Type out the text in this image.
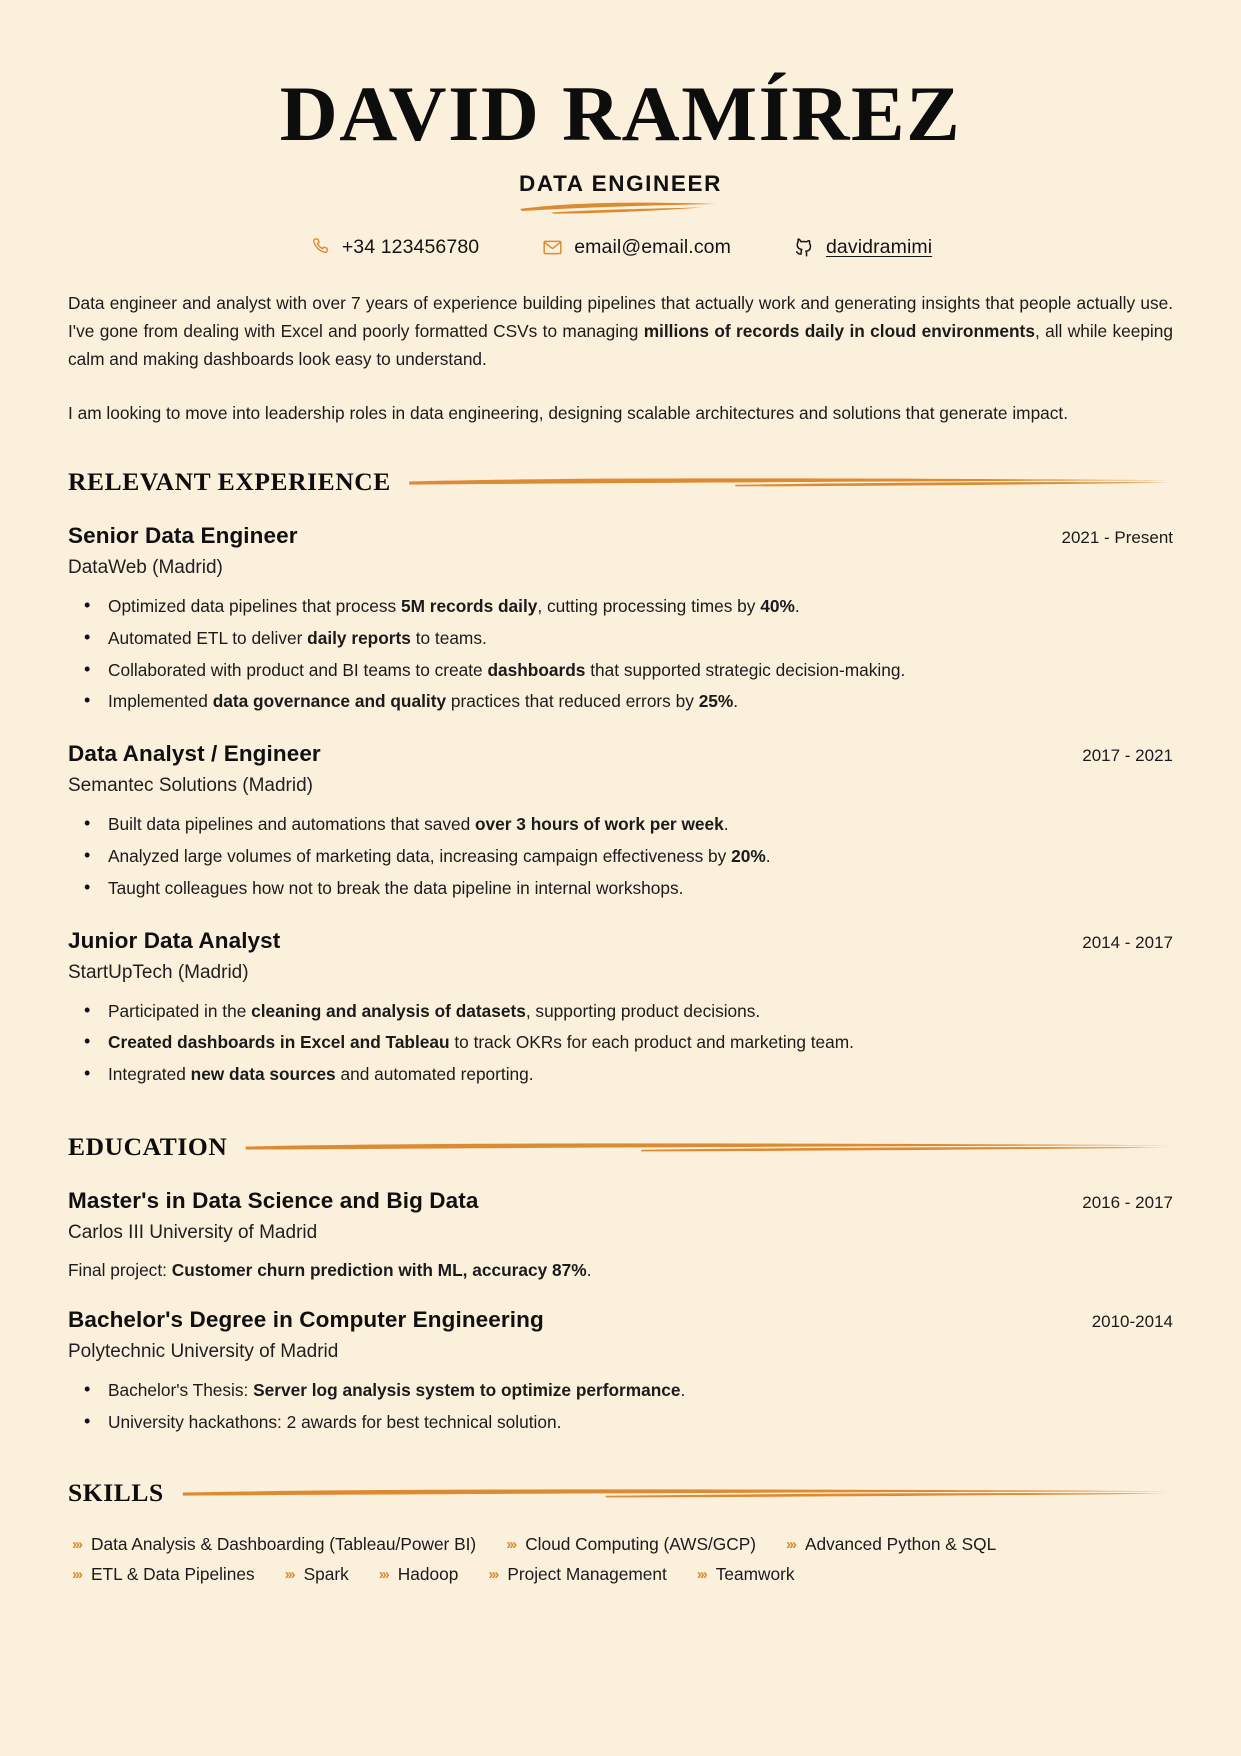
DAVID RAMÍREZ
DATA ENGINEER
+34 123456780	email@email.com	davidramimi

Data engineer and analyst with over 7 years of experience building pipelines that actually work and generating insights that people actually use. I've gone from dealing with Excel and poorly formatted CSVs to managing millions of records daily in cloud environments, all while keeping calm and making dashboards look easy to understand.

I am looking to move into leadership roles in data engineering, designing scalable architectures and solutions that generate impact.

RELEVANT EXPERIENCE
Senior Data Engineer	2021 - Present
DataWeb (Madrid)
• Optimized data pipelines that process 5M records daily, cutting processing times by 40%.
• Automated ETL to deliver daily reports to teams.
• Collaborated with product and BI teams to create dashboards that supported strategic decision-making.
• Implemented data governance and quality practices that reduced errors by 25%.
Data Analyst / Engineer	2017 - 2021
Semantec Solutions (Madrid)
• Built data pipelines and automations that saved over 3 hours of work per week.
• Analyzed large volumes of marketing data, increasing campaign effectiveness by 20%.
• Taught colleagues how not to break the data pipeline in internal workshops.
Junior Data Analyst	2014 - 2017
StartUpTech (Madrid)
• Participated in the cleaning and analysis of datasets, supporting product decisions.
• Created dashboards in Excel and Tableau to track OKRs for each product and marketing team.
• Integrated new data sources and automated reporting.
EDUCATION
Master's in Data Science and Big Data	2016 - 2017
Carlos III University of Madrid
Final project: Customer churn prediction with ML, accuracy 87%.
Bachelor's Degree in Computer Engineering	2010-2014
Polytechnic University of Madrid
• Bachelor's Thesis: Server log analysis system to optimize performance.
• University hackathons: 2 awards for best technical solution.
SKILLS
››› Data Analysis & Dashboarding (Tableau/Power BI) ››› Cloud Computing (AWS/GCP) ››› Advanced Python & SQL
››› ETL & Data Pipelines ››› Spark ››› Hadoop ››› Project Management ››› Teamwork
